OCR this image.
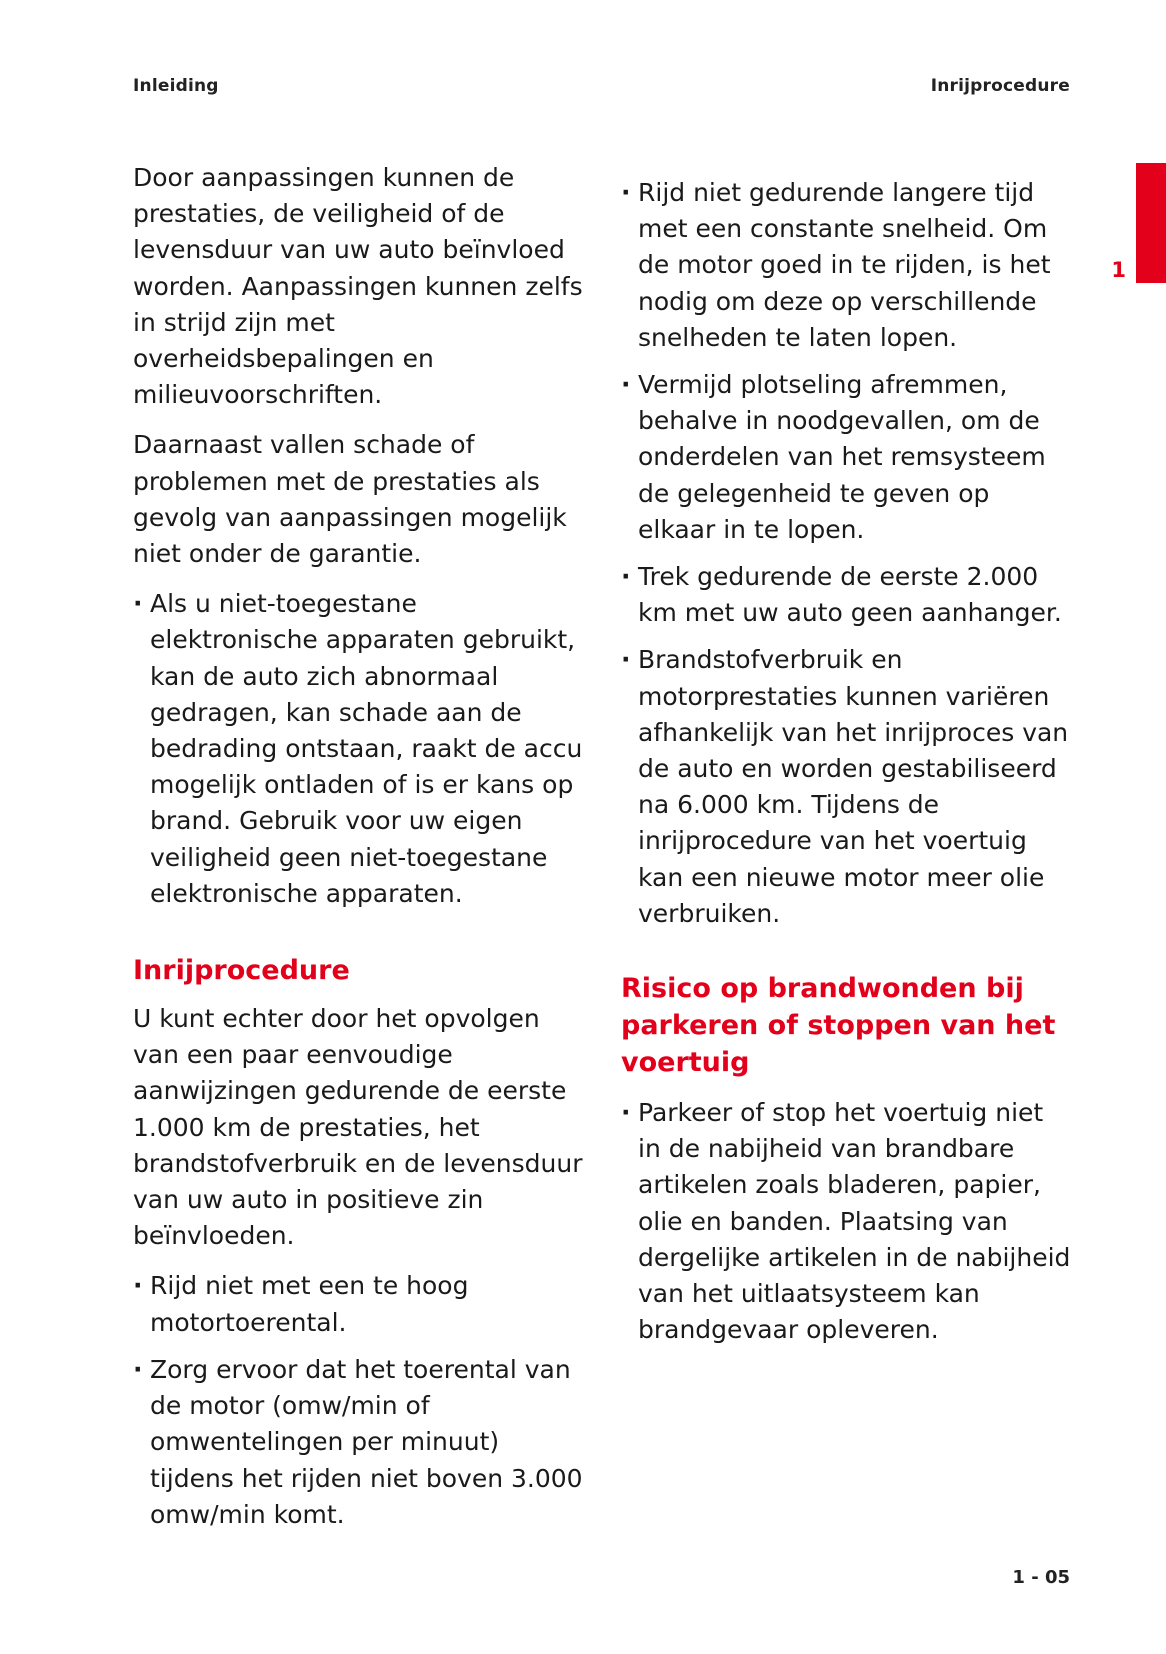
Inleiding	Inrijprocedure
1

Door aanpassingen kunnen de prestaties, de veiligheid of de levensduur van uw auto beïnvloed worden. Aanpassingen kunnen zelfs in strijd zijn met overheidsbepalingen en milieuvoorschriften.

Daarnaast vallen schade of problemen met de prestaties als gevolg van aanpassingen mogelijk niet onder de garantie.

· Als u niet-toegestane elektronische apparaten gebruikt, kan de auto zich abnormaal gedragen, kan schade aan de bedrading ontstaan, raakt de accu mogelijk ontladen of is er kans op brand. Gebruik voor uw eigen veiligheid geen niet-toegestane elektronische apparaten.
Inrijprocedure

U kunt echter door het opvolgen van een paar eenvoudige aanwijzingen gedurende de eerste 1.000 km de prestaties, het brandstofverbruik en de levensduur van uw auto in positieve zin beïnvloeden.

· Rijd niet met een te hoog motortoerental.
· Zorg ervoor dat het toerental van de motor (omw/min of omwentelingen per minuut) tijdens het rijden niet boven 3.000 omw/min komt.
· Rijd niet gedurende langere tijd met een constante snelheid. Om de motor goed in te rijden, is het nodig om deze op verschillende snelheden te laten lopen.
· Vermijd plotseling afremmen, behalve in noodgevallen, om de onderdelen van het remsysteem de gelegenheid te geven op elkaar in te lopen.
· Trek gedurende de eerste 2.000 km met uw auto geen aanhanger.
· Brandstofverbruik en motorprestaties kunnen variëren afhankelijk van het inrijproces van de auto en worden gestabiliseerd na 6.000 km. Tijdens de inrijprocedure van het voertuig kan een nieuwe motor meer olie verbruiken.
Risico op brandwonden bij parkeren of stoppen van het voertuig
· Parkeer of stop het voertuig niet in de nabijheid van brandbare artikelen zoals bladeren, papier, olie en banden. Plaatsing van dergelijke artikelen in de nabijheid van het uitlaatsysteem kan brandgevaar opleveren.
1 - 05
